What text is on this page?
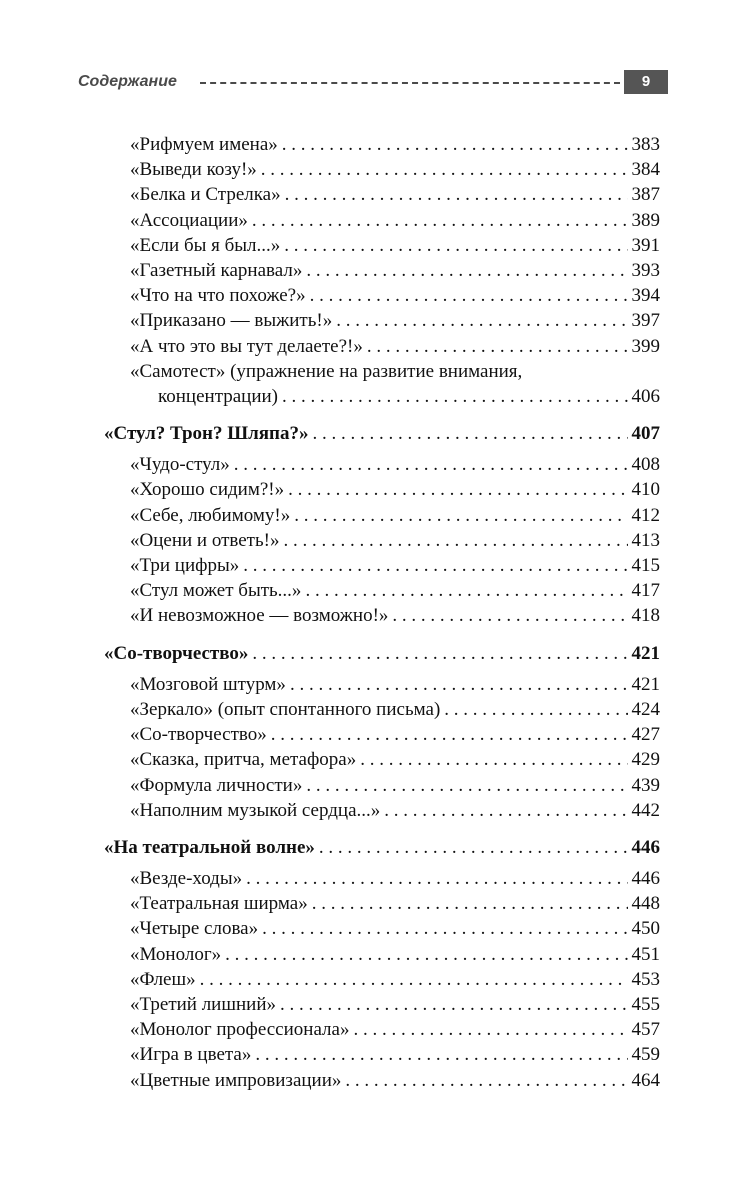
Содержание	9
«Рифмуем имена» . . .	383
«Выведи козу!» . . .	384
«Белка и Стрелка» . . .	387
«Ассоциации» . . .	389
«Если бы я был...» . . .	391
«Газетный карнавал» . . .	393
«Что на что похоже?» . . .	394
«Приказано — выжить!» . . .	397
«А что это вы тут делаете?!» . . .	399
«Самотест» (упражнение на развитие внимания,
концентрации) . . .	406
«Стул? Трон? Шляпа?» . . .	407
«Чудо-стул» . . .	408
«Хорошо сидим?!» . . .	410
«Себе, любимому!» . . .	412
«Оцени и ответь!» . . .	413
«Три цифры» . . .	415
«Стул может быть...» . . .	417
«И невозможное — возможно!» . . .	418
«Со-творчество» . . .	421
«Мозговой штурм» . . .	421
«Зеркало» (опыт спонтанного письма) . . .	424
«Со-творчество» . . .	427
«Сказка, притча, метафора» . . .	429
«Формула личности» . . .	439
«Наполним музыкой сердца...» . . .	442
«На театральной волне» . . .	446
«Везде-ходы» . . .	446
«Театральная ширма» . . .	448
«Четыре слова» . . .	450
«Монолог» . . .	451
«Флеш» . . .	453
«Третий лишний» . . .	455
«Монолог профессионала» . . .	457
«Игра в цвета» . . .	459
«Цветные импровизации» . . .	464
